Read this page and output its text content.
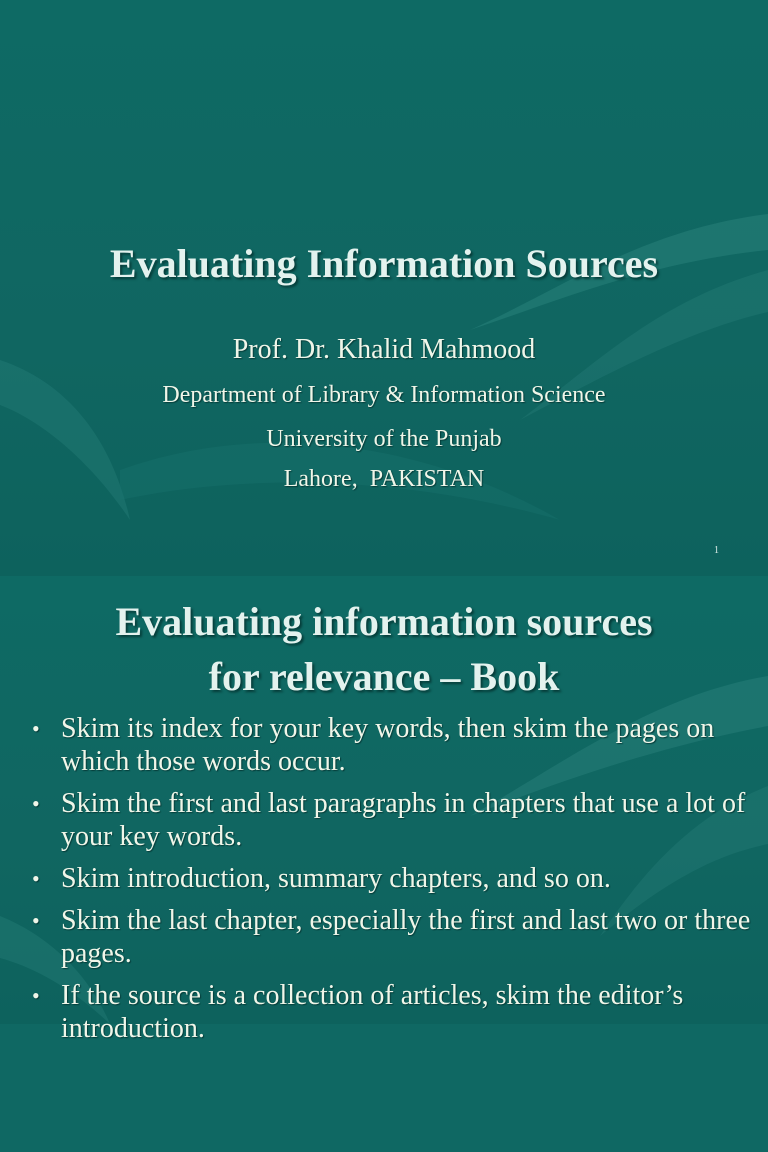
Evaluating Information Sources
Prof. Dr. Khalid Mahmood
Department of Library & Information Science
University of the Punjab
Lahore,  PAKISTAN
1
Evaluating information sources
for relevance – Book
• Skim its index for your key words, then skim the pages on which those words occur.
• Skim the first and last paragraphs in chapters that use a lot of your key words.
• Skim introduction, summary chapters, and so on.
• Skim the last chapter, especially the first and last two or three pages.
• If the source is a collection of articles, skim the editor’s introduction.
